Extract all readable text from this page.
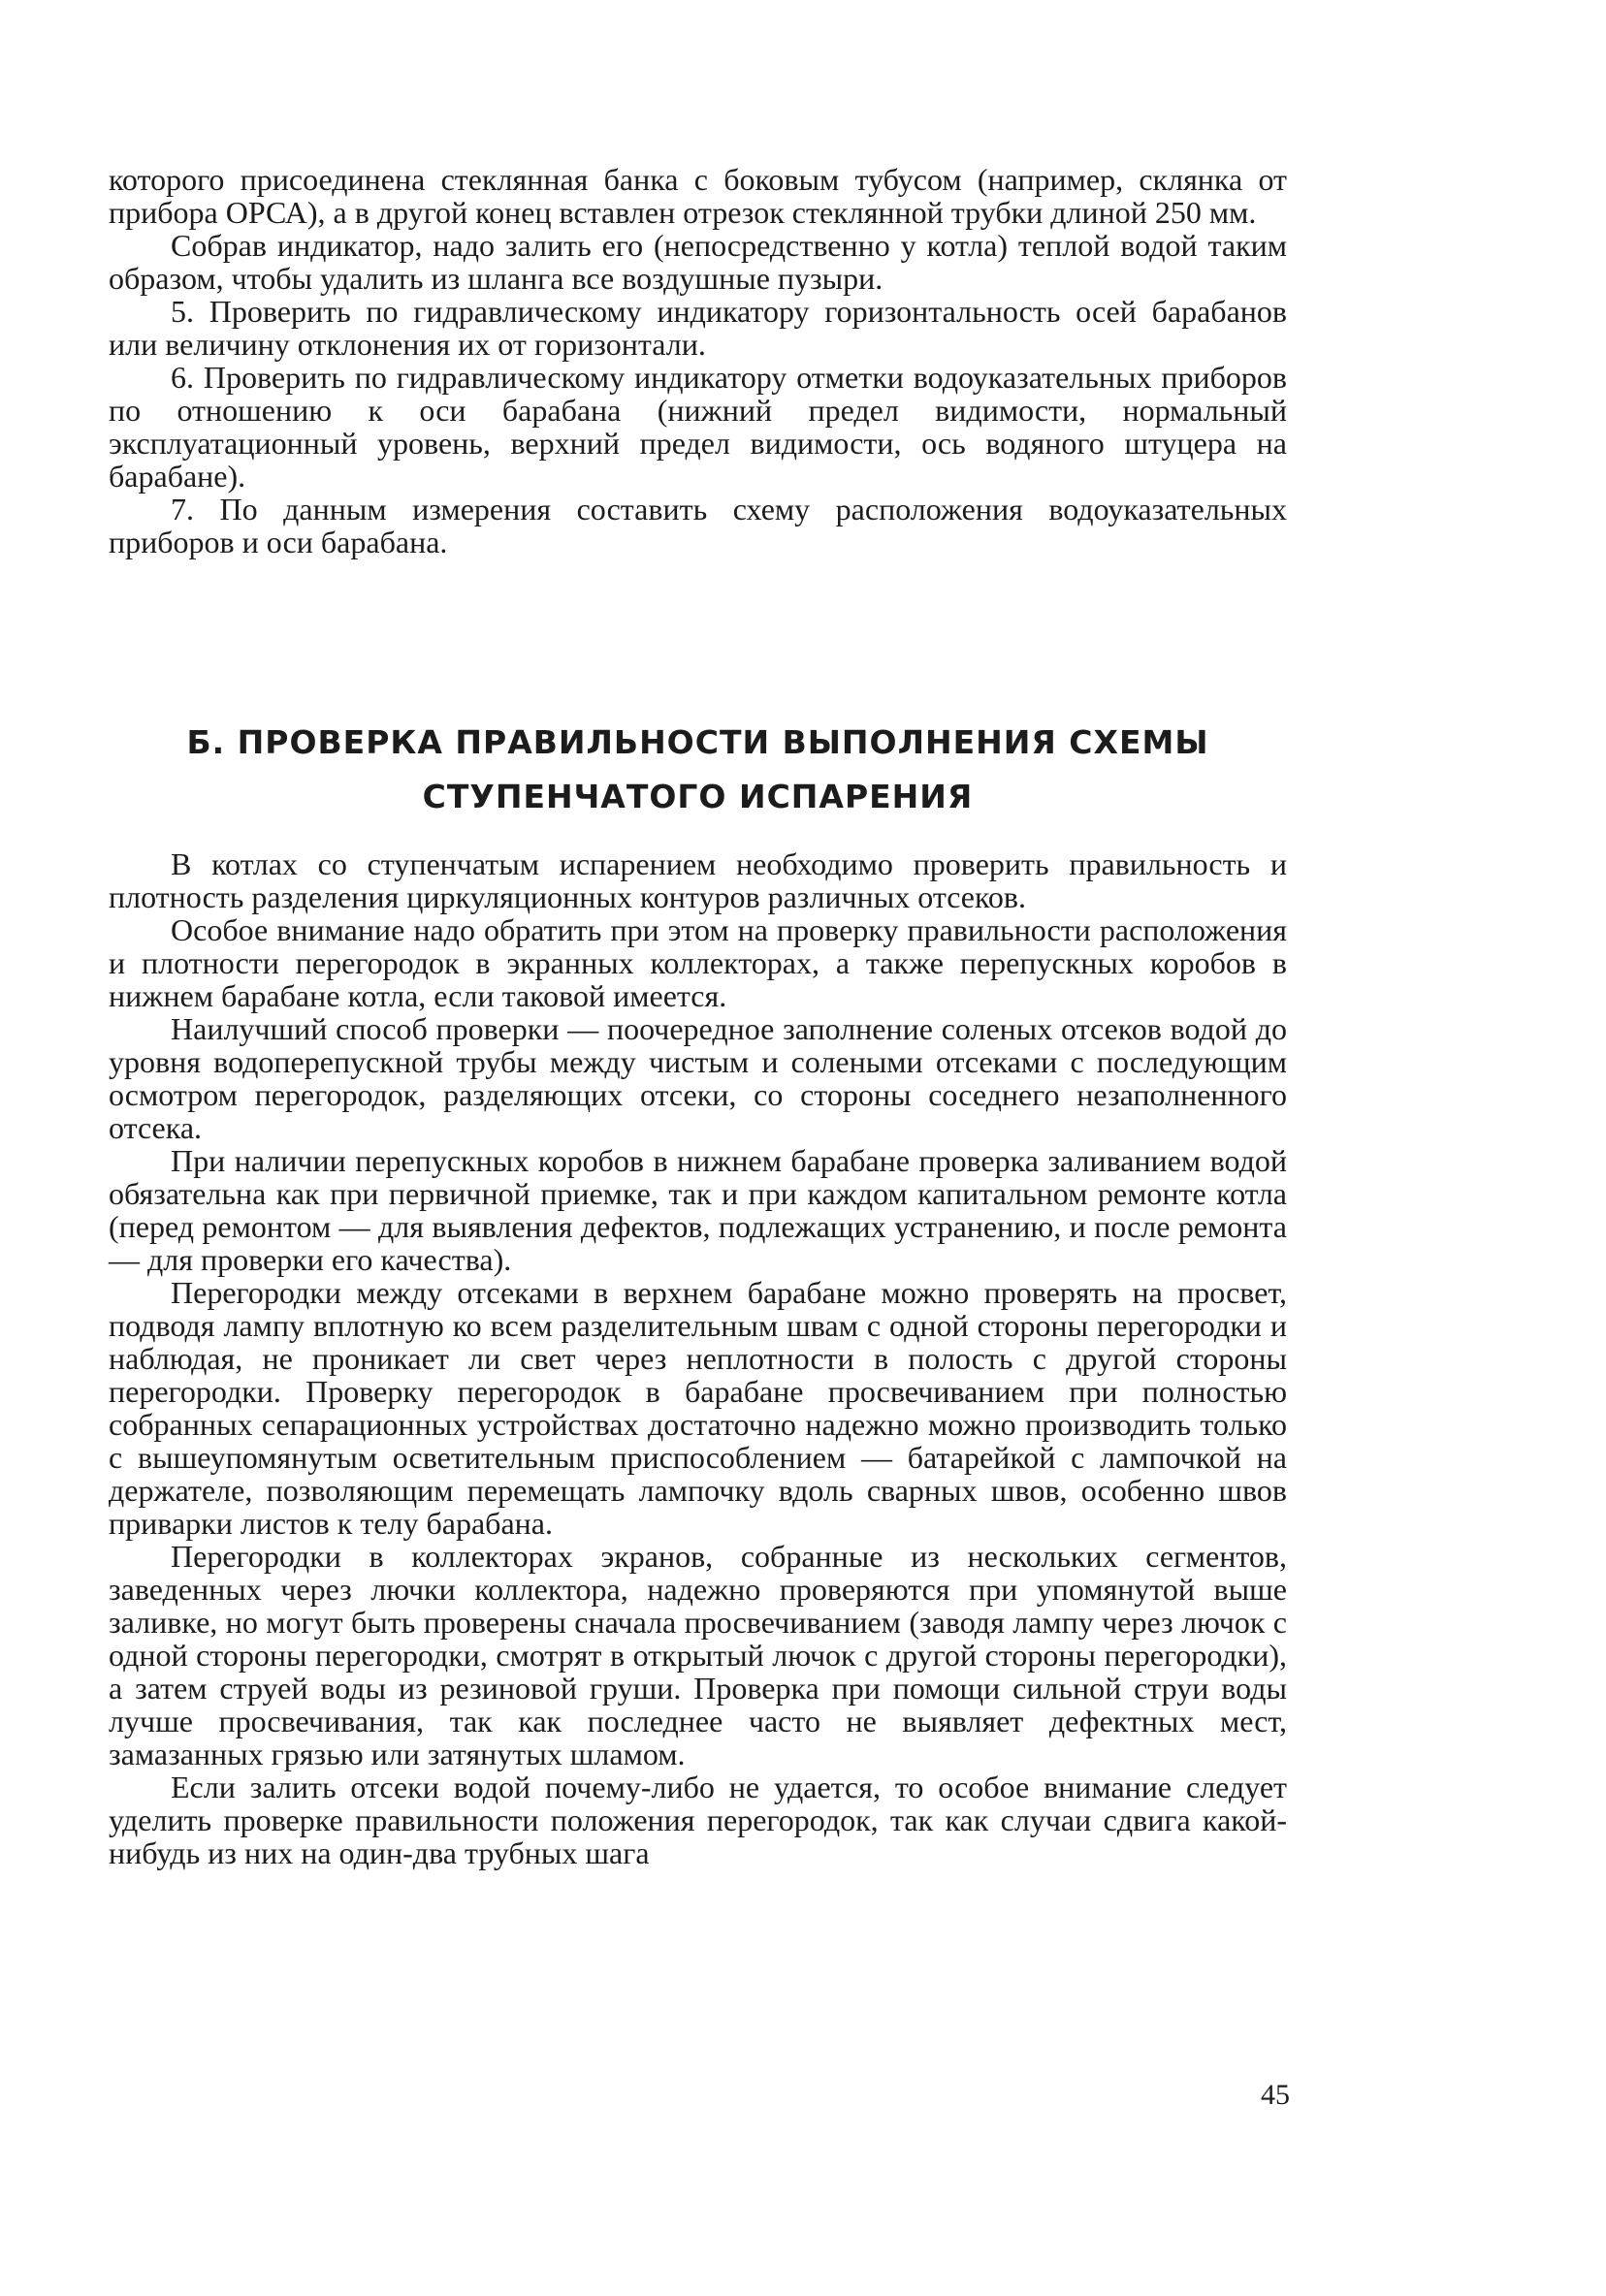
которого присоединена стеклянная банка с боковым тубусом (например, склянка от прибора ОРСА), а в другой конец вставлен отрезок стеклянной трубки длиной 250 мм.

Собрав индикатор, надо залить его (непосредственно у котла) теплой водой таким образом, чтобы удалить из шланга все воздушные пузыри.

5. Проверить по гидравлическому индикатору горизонтальность осей барабанов или величину отклонения их от горизонтали.

6. Проверить по гидравлическому индикатору отметки водоуказательных приборов по отношению к оси барабана (нижний предел видимости, нормальный эксплуатационный уровень, верхний предел видимости, ось водяного штуцера на барабане).

7. По данным измерения составить схему расположения водоуказательных приборов и оси барабана.

Б. ПРОВЕРКА ПРАВИЛЬНОСТИ ВЫПОЛНЕНИЯ СХЕМЫ
СТУПЕНЧАТОГО ИСПАРЕНИЯ

В котлах со ступенчатым испарением необходимо проверить правильность и плотность разделения циркуляционных контуров различных отсеков.

Особое внимание надо обратить при этом на проверку правильности расположения и плотности перегородок в экранных коллекторах, а также перепускных коробов в нижнем барабане котла, если таковой имеется.

Наилучший способ проверки — поочередное заполнение соленых отсеков водой до уровня водоперепускной трубы между чистым и солеными отсеками с последующим осмотром перегородок, разделяющих отсеки, со стороны соседнего незаполненного отсека.

При наличии перепускных коробов в нижнем барабане проверка заливанием водой обязательна как при первичной приемке, так и при каждом капитальном ремонте котла (перед ремонтом — для выявления дефектов, подлежащих устранению, и после ремонта — для проверки его качества).

Перегородки между отсеками в верхнем барабане можно проверять на просвет, подводя лампу вплотную ко всем разделительным швам с одной стороны перегородки и наблюдая, не проникает ли свет через неплотности в полость с другой стороны перегородки. Проверку перегородок в барабане просвечиванием при полностью собранных сепарационных устройствах достаточно надежно можно производить только с вышеупомянутым осветительным приспособлением — батарейкой с лампочкой на держателе, позволяющим перемещать лампочку вдоль сварных швов, особенно швов приварки листов к телу барабана.

Перегородки в коллекторах экранов, собранные из нескольких сегментов, заведенных через лючки коллектора, надежно проверяются при упомянутой выше заливке, но могут быть проверены сначала просвечиванием (заводя лампу через лючок с одной стороны перегородки, смотрят в открытый лючок с другой стороны перегородки), а затем струей воды из резиновой груши. Проверка при помощи сильной струи воды лучше просвечивания, так как последнее часто не выявляет дефектных мест, замазанных грязью или затянутых шламом.

Если залить отсеки водой почему-либо не удается, то особое внимание следует уделить проверке правильности положения перегородок, так как случаи сдвига какой-нибудь из них на один-два трубных шага

45
